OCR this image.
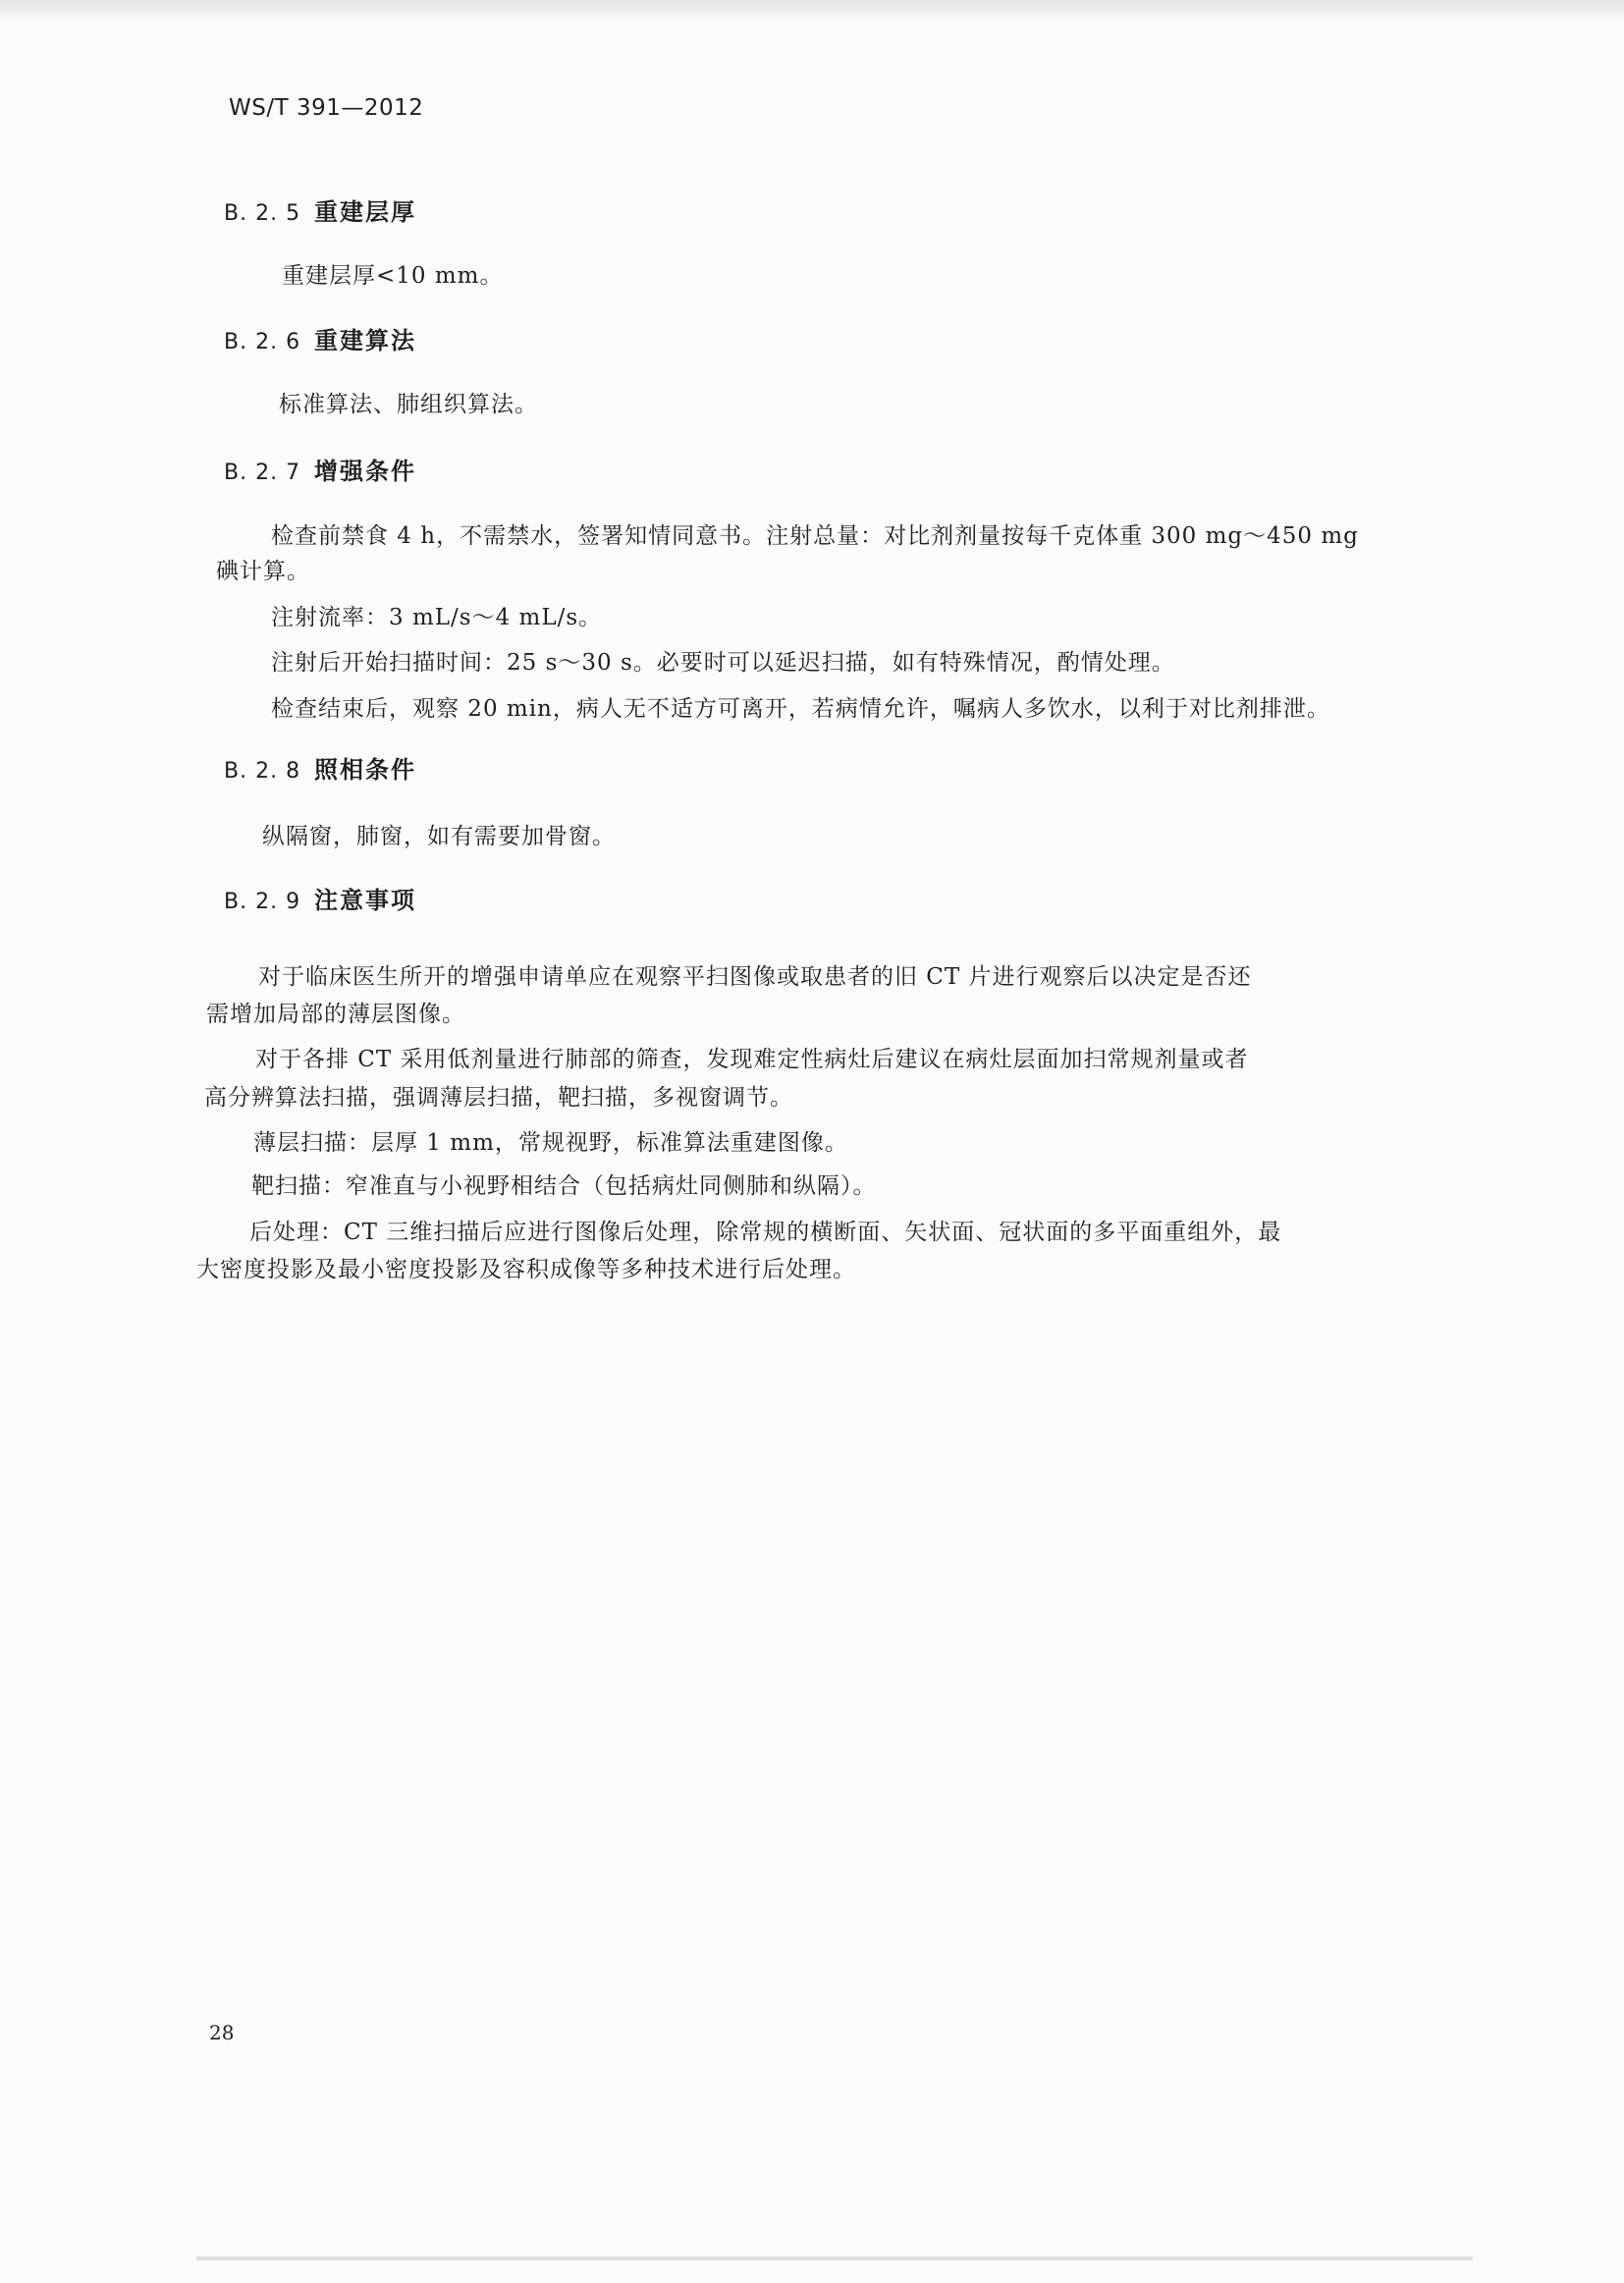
WS/T 391—2012
B. 2. 5 重建层厚
重建层厚<10 mm。
B. 2. 6 重建算法
标准算法、肺组织算法。
B. 2. 7 增强条件
检查前禁食 4 h，不需禁水，签署知情同意书。注射总量：对比剂剂量按每千克体重 300 mg～450 mg
碘计算。
注射流率：3 mL/s～4 mL/s。
注射后开始扫描时间：25 s～30 s。必要时可以延迟扫描，如有特殊情况，酌情处理。
检查结束后，观察 20 min，病人无不适方可离开，若病情允许，嘱病人多饮水，以利于对比剂排泄。
B. 2. 8 照相条件
纵隔窗，肺窗，如有需要加骨窗。
B. 2. 9 注意事项
对于临床医生所开的增强申请单应在观察平扫图像或取患者的旧 CT 片进行观察后以决定是否还
需增加局部的薄层图像。
对于各排 CT 采用低剂量进行肺部的筛查，发现难定性病灶后建议在病灶层面加扫常规剂量或者
高分辨算法扫描，强调薄层扫描，靶扫描，多视窗调节。
薄层扫描：层厚 1 mm，常规视野，标准算法重建图像。
靶扫描：窄准直与小视野相结合（包括病灶同侧肺和纵隔）。
后处理：CT 三维扫描后应进行图像后处理，除常规的横断面、矢状面、冠状面的多平面重组外，最
大密度投影及最小密度投影及容积成像等多种技术进行后处理。
28
